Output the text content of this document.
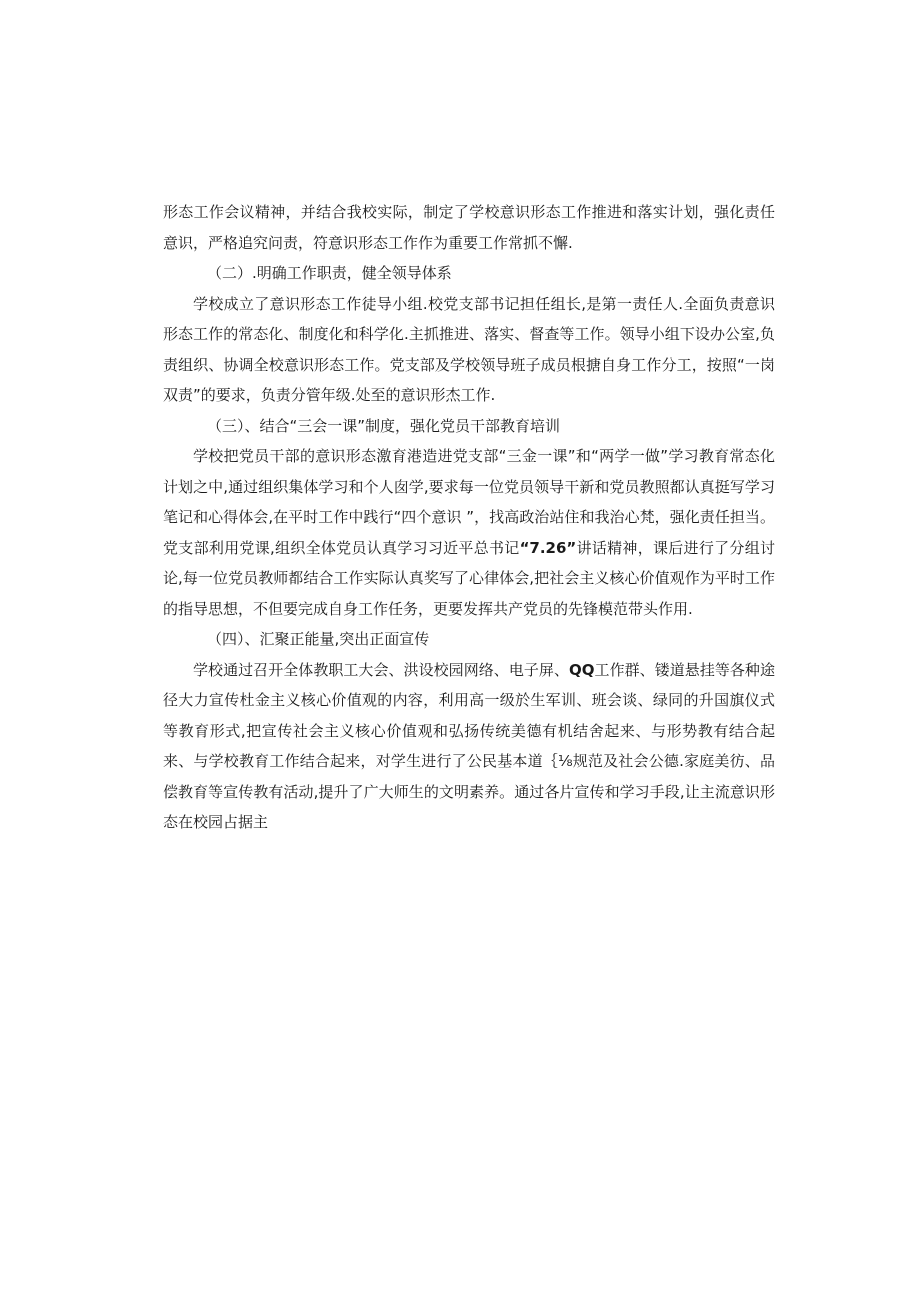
形态工作会议精神，并结合我校实际，制定了学校意识形态工作推进和落实计划，强化责任意识，严格追究问责，符意识形态工作作为重要工作常抓不懈.

（二）.明确工作职责，健全领导体系

学校成立了意识形态工作徒导小组.校党支部书记担任组长,是第一责任人.全面负责意识形态工作的常态化、制度化和科学化.主抓推进、落实、督查等工作。领导小组下设办公室,负责组织、协调全校意识形态工作。党支部及学校领导班子成员根搪自身工作分工，按照“一岗双责”的要求，负责分管年级.处至的意识形杰工作.

（三）、结合“三会一课”制度，强化党员干部教育培训

学校把党员干部的意识形态激育港造进党支部“三金一课”和“两学一做”学习教育常态化计划之中,通过组织集体学习和个人囱学,要求每一位党员领导干新和党员教照都认真挺写学习笔记和心得体会,在平时工作中践行“四个意识 ”，找高政治站住和我治心梵，强化责任担当。党支部利用党课,组织全体党员认真学习习近平总书记“7.26”讲话精神，课后进行了分组讨论,每一位党员教师都结合工作实际认真奖写了心律体会,把社会主义核心价值观作为平时工作的指导思想，不但要完成自身工作任务，更要发挥共产党员的先锋模范带头作用.

（四）、汇聚正能量,突出正面宣传

学校通过召开全体教职工大会、洪设校园网络、电子屏、QQ工作群、镂道悬挂等各种途径大力宣传杜金主义核心价值观的内容，利用高一级於生军训、班会谈、绿同的升国旗仪式等教育形式,把宣传社会主义核心价值观和弘扬传统美德有机结舍起来、与形势教有结合起来、与学校教育工作结合起来，对学生进行了公民基本道｛⅛规范及社会公德.家庭美彷、品偿教育等宣传教有活动,提升了广大师生的文明素养。通过各片宣传和学习手段,让主流意识形态在校园占据主
